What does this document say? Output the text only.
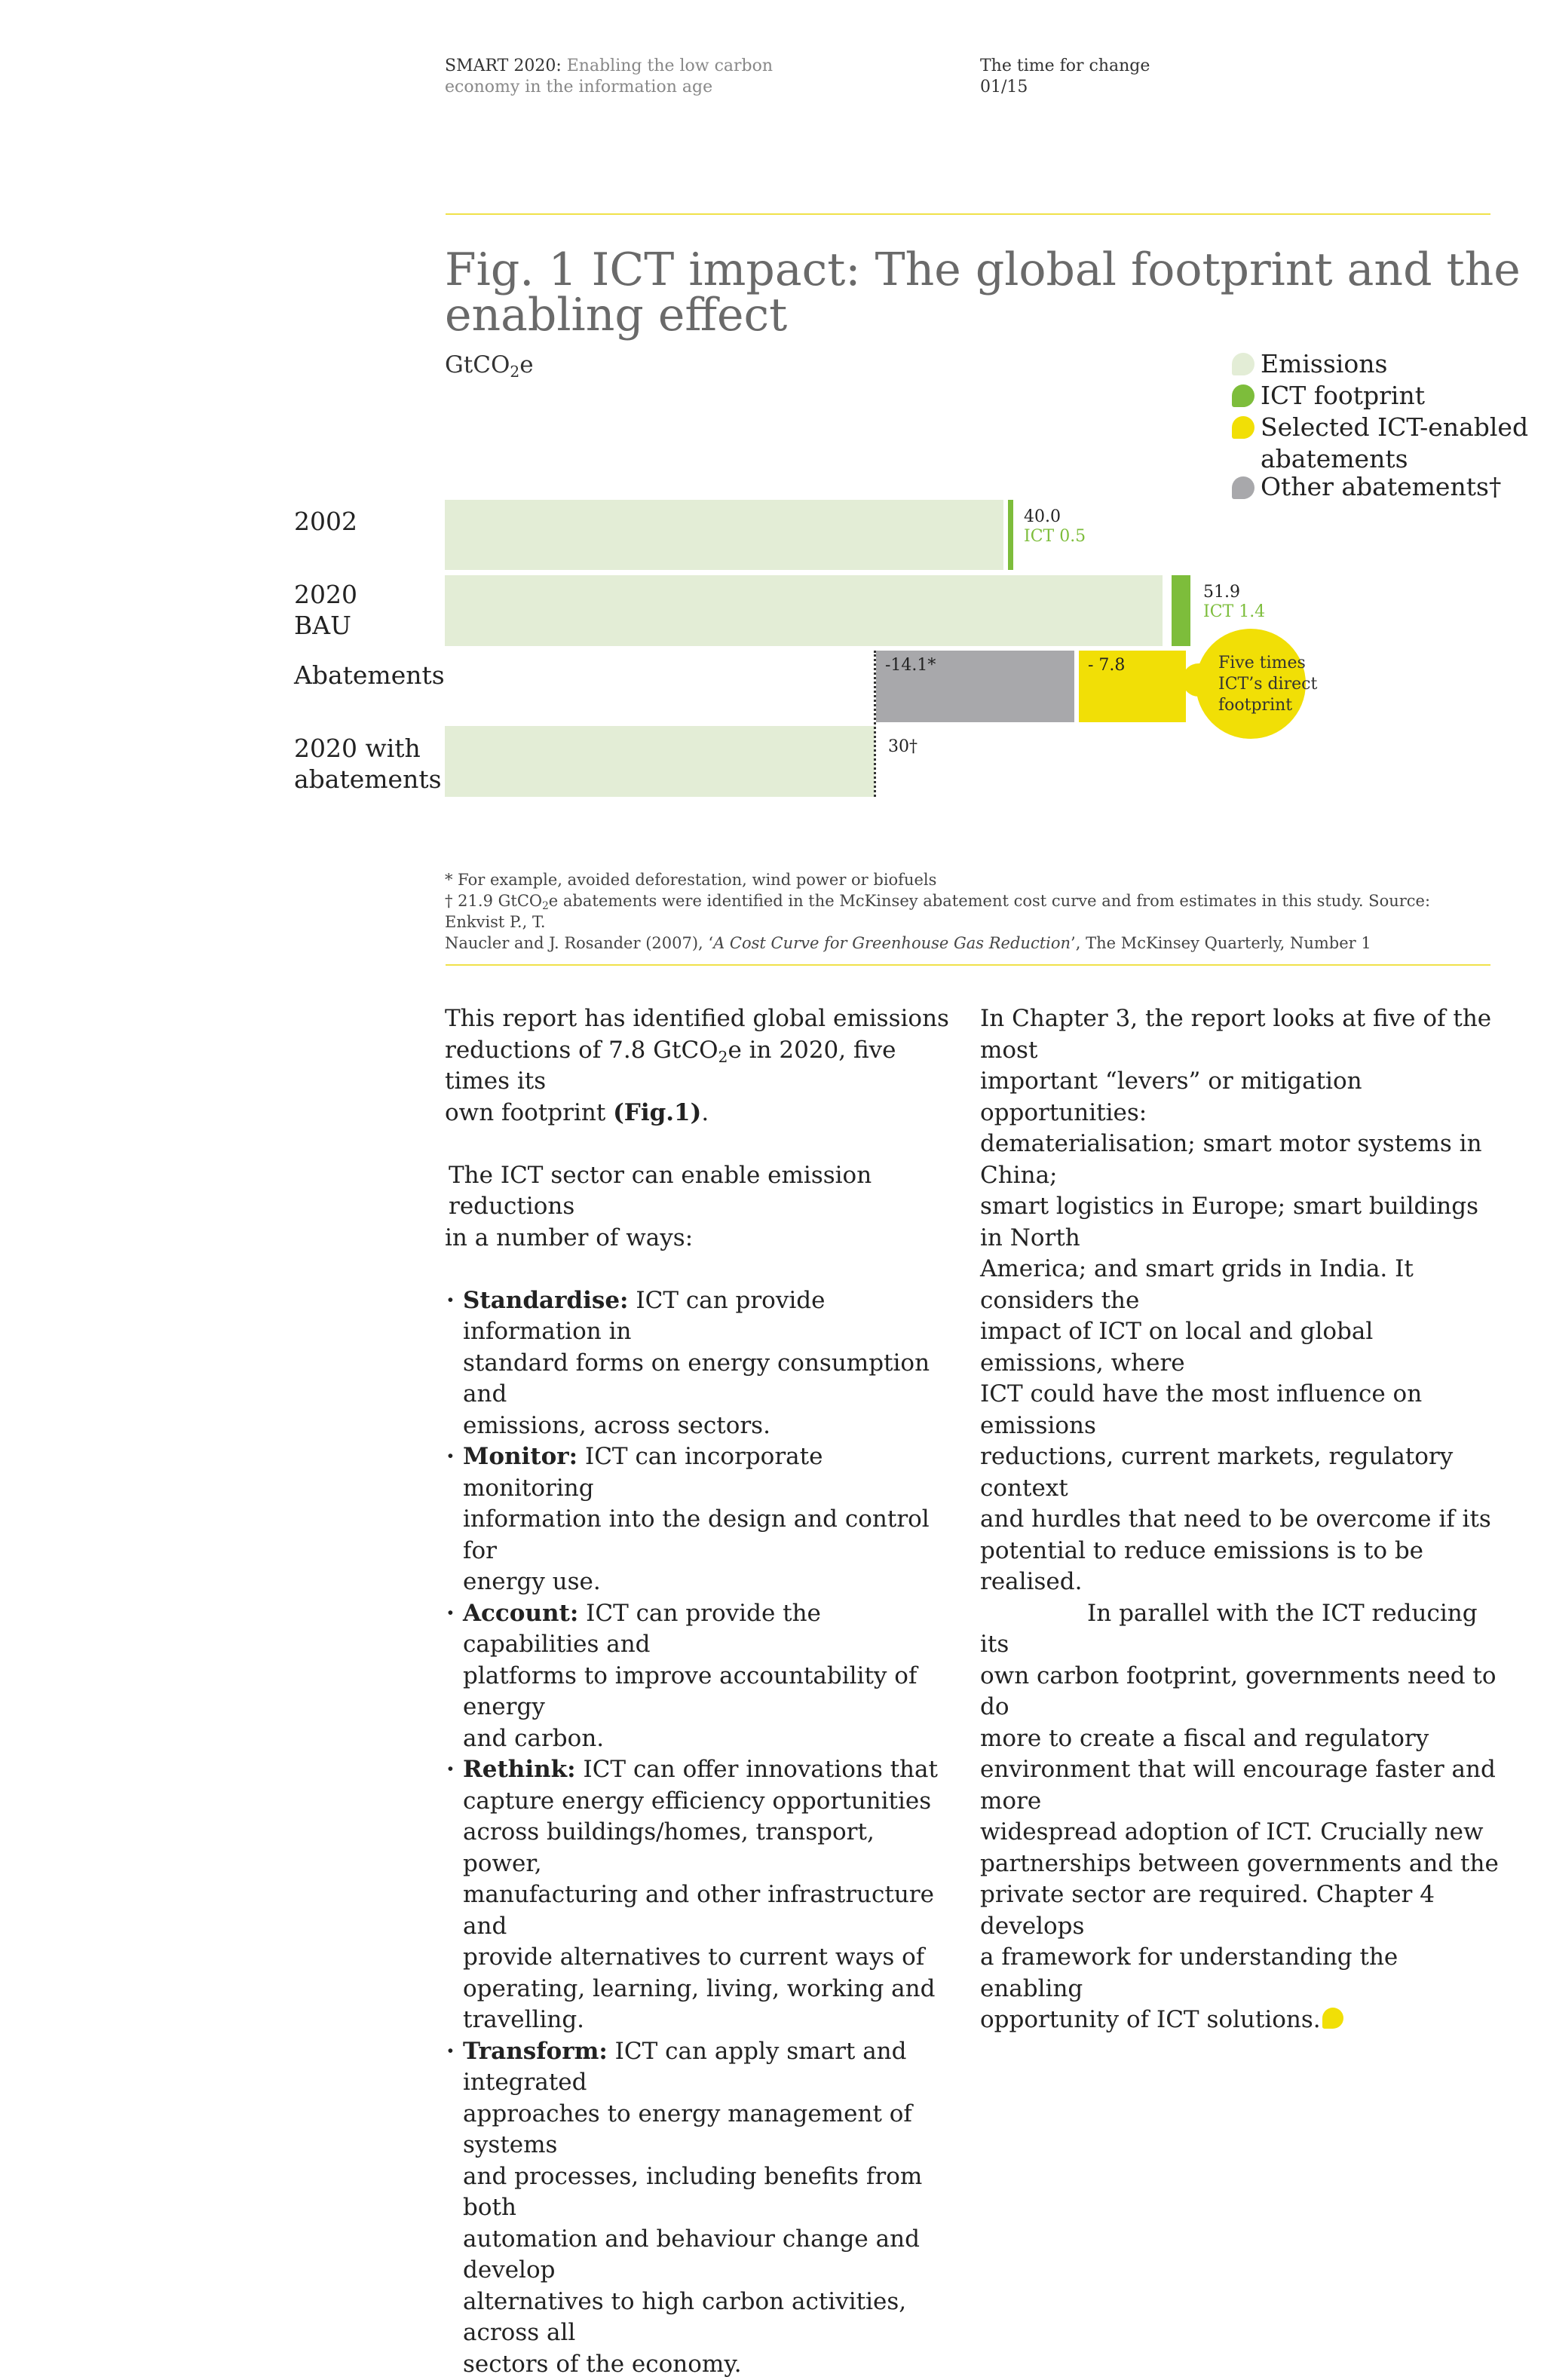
SMART 2020: Enabling the low carbon
economy in the information age
The time for change
01/15
Fig. 1 ICT impact: The global footprint and the
enabling effect
GtCO$_2$e	Emissions
ICT footprint
Selected ICT-enabled
abatements
Other abatements†
2002
2020
BAU
Abatements
2020 with
abatements
40.0
ICT 0.5
51.9
ICT 1.4
-14.1*	- 7.8
30†
Five times
ICT’s direct
footprint
* For example, avoided deforestation, wind power or biofuels
† 21.9 GtCO$_2$e abatements were identified in the McKinsey abatement cost curve and from estimates in this study. Source: Enkvist P., T.
Naucler and J. Rosander (2007), ‘A Cost Curve for Greenhouse Gas Reduction’, The McKinsey Quarterly, Number 1

This report has identified global emissions
reductions of 7.8 GtCO$_2$e in 2020, five times its
own footprint (Fig.1).

The ICT sector can enable emission reductions
in a number of ways:

· Standardise: ICT can provide information in
standard forms on energy consumption and
emissions, across sectors.
· Monitor: ICT can incorporate monitoring
information into the design and control for
energy use.
· Account: ICT can provide the capabilities and
platforms to improve accountability of energy
and carbon.
· Rethink: ICT can offer innovations that
capture energy efficiency opportunities
across buildings/homes, transport, power,
manufacturing and other infrastructure and
provide alternatives to current ways of
operating, learning, living, working and
travelling.
· Transform: ICT can apply smart and integrated
approaches to energy management of systems
and processes, including benefits from both
automation and behaviour change and develop
alternatives to high carbon activities, across all
sectors of the economy.

In Chapter 3, the report looks at five of the most
important “levers” or mitigation opportunities:
dematerialisation; smart motor systems in China;
smart logistics in Europe; smart buildings in North
America; and smart grids in India. It considers the
impact of ICT on local and global emissions, where
ICT could have the most influence on emissions
reductions, current markets, regulatory context
and hurdles that need to be overcome if its
potential to reduce emissions is to be realised.

In parallel with the ICT reducing its
own carbon footprint, governments need to do
more to create a fiscal and regulatory
environment that will encourage faster and more
widespread adoption of ICT. Crucially new
partnerships between governments and the
private sector are required. Chapter 4 develops
a framework for understanding the enabling
opportunity of ICT solutions.
